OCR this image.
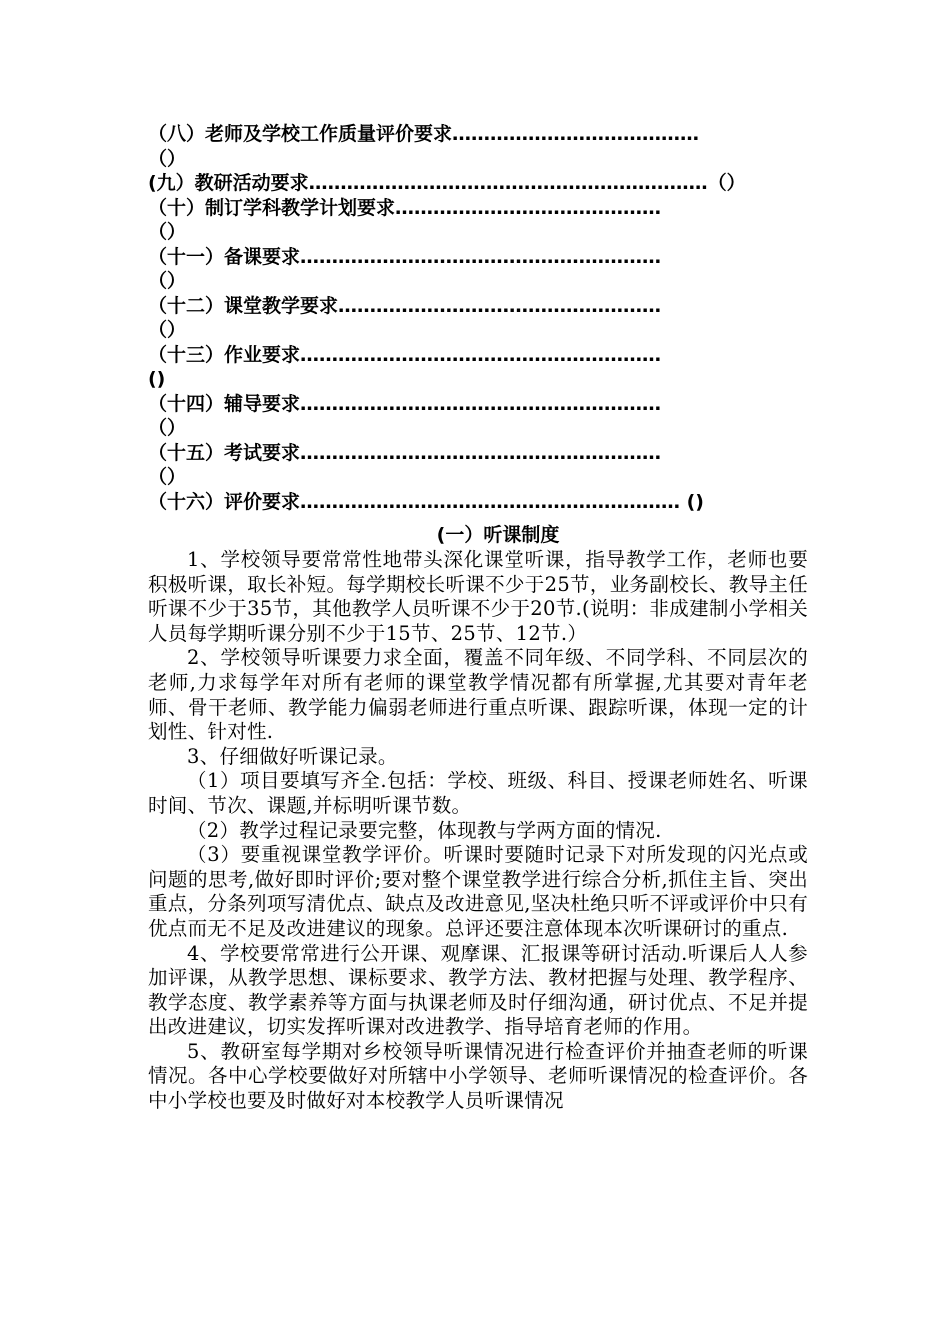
（八）老师及学校工作质量评价要求…………………………………
（）
(九）教研活动要求………………………………………………………（）
（十）制订学科教学计划要求……………………………………
（）
（十一）备课要求…………………………………………………
（）
（十二）课堂教学要求……………………………………………
（）
（十三）作业要求…………………………………………………
()
（十四）辅导要求…………………………………………………
（）
（十五）考试要求…………………………………………………
（）
（十六）评价要求…………………………………………………… ()
(一）听课制度

1、学校领导要常常性地带头深化课堂听课，指导教学工作，老师也要积极听课，取长补短。每学期校长听课不少于25节，业务副校长、教导主任听课不少于35节，其他教学人员听课不少于20节.(说明：非成建制小学相关人员每学期听课分别不少于15节、25节、12节.）

2、学校领导听课要力求全面，覆盖不同年级、不同学科、不同层次的老师,力求每学年对所有老师的课堂教学情况都有所掌握,尤其要对青年老师、骨干老师、教学能力偏弱老师进行重点听课、跟踪听课，体现一定的计划性、针对性.

3、仔细做好听课记录。

（1）项目要填写齐全.包括：学校、班级、科目、授课老师姓名、听课时间、节次、课题,并标明听课节数。

（2）教学过程记录要完整，体现教与学两方面的情况.

（3）要重视课堂教学评价。听课时要随时记录下对所发现的闪光点或问题的思考,做好即时评价;要对整个课堂教学进行综合分析,抓住主旨、突出重点，分条列项写清优点、缺点及改进意见,坚决杜绝只听不评或评价中只有优点而无不足及改进建议的现象。总评还要注意体现本次听课研讨的重点.

4、学校要常常进行公开课、观摩课、汇报课等研讨活动.听课后人人参加评课，从教学思想、课标要求、教学方法、教材把握与处理、教学程序、教学态度、教学素养等方面与执课老师及时仔细沟通，研讨优点、不足并提出改进建议，切实发挥听课对改进教学、指导培育老师的作用。

5、教研室每学期对乡校领导听课情况进行检查评价并抽查老师的听课情况。各中心学校要做好对所辖中小学领导、老师听课情况的检查评价。各中小学校也要及时做好对本校教学人员听课情况
